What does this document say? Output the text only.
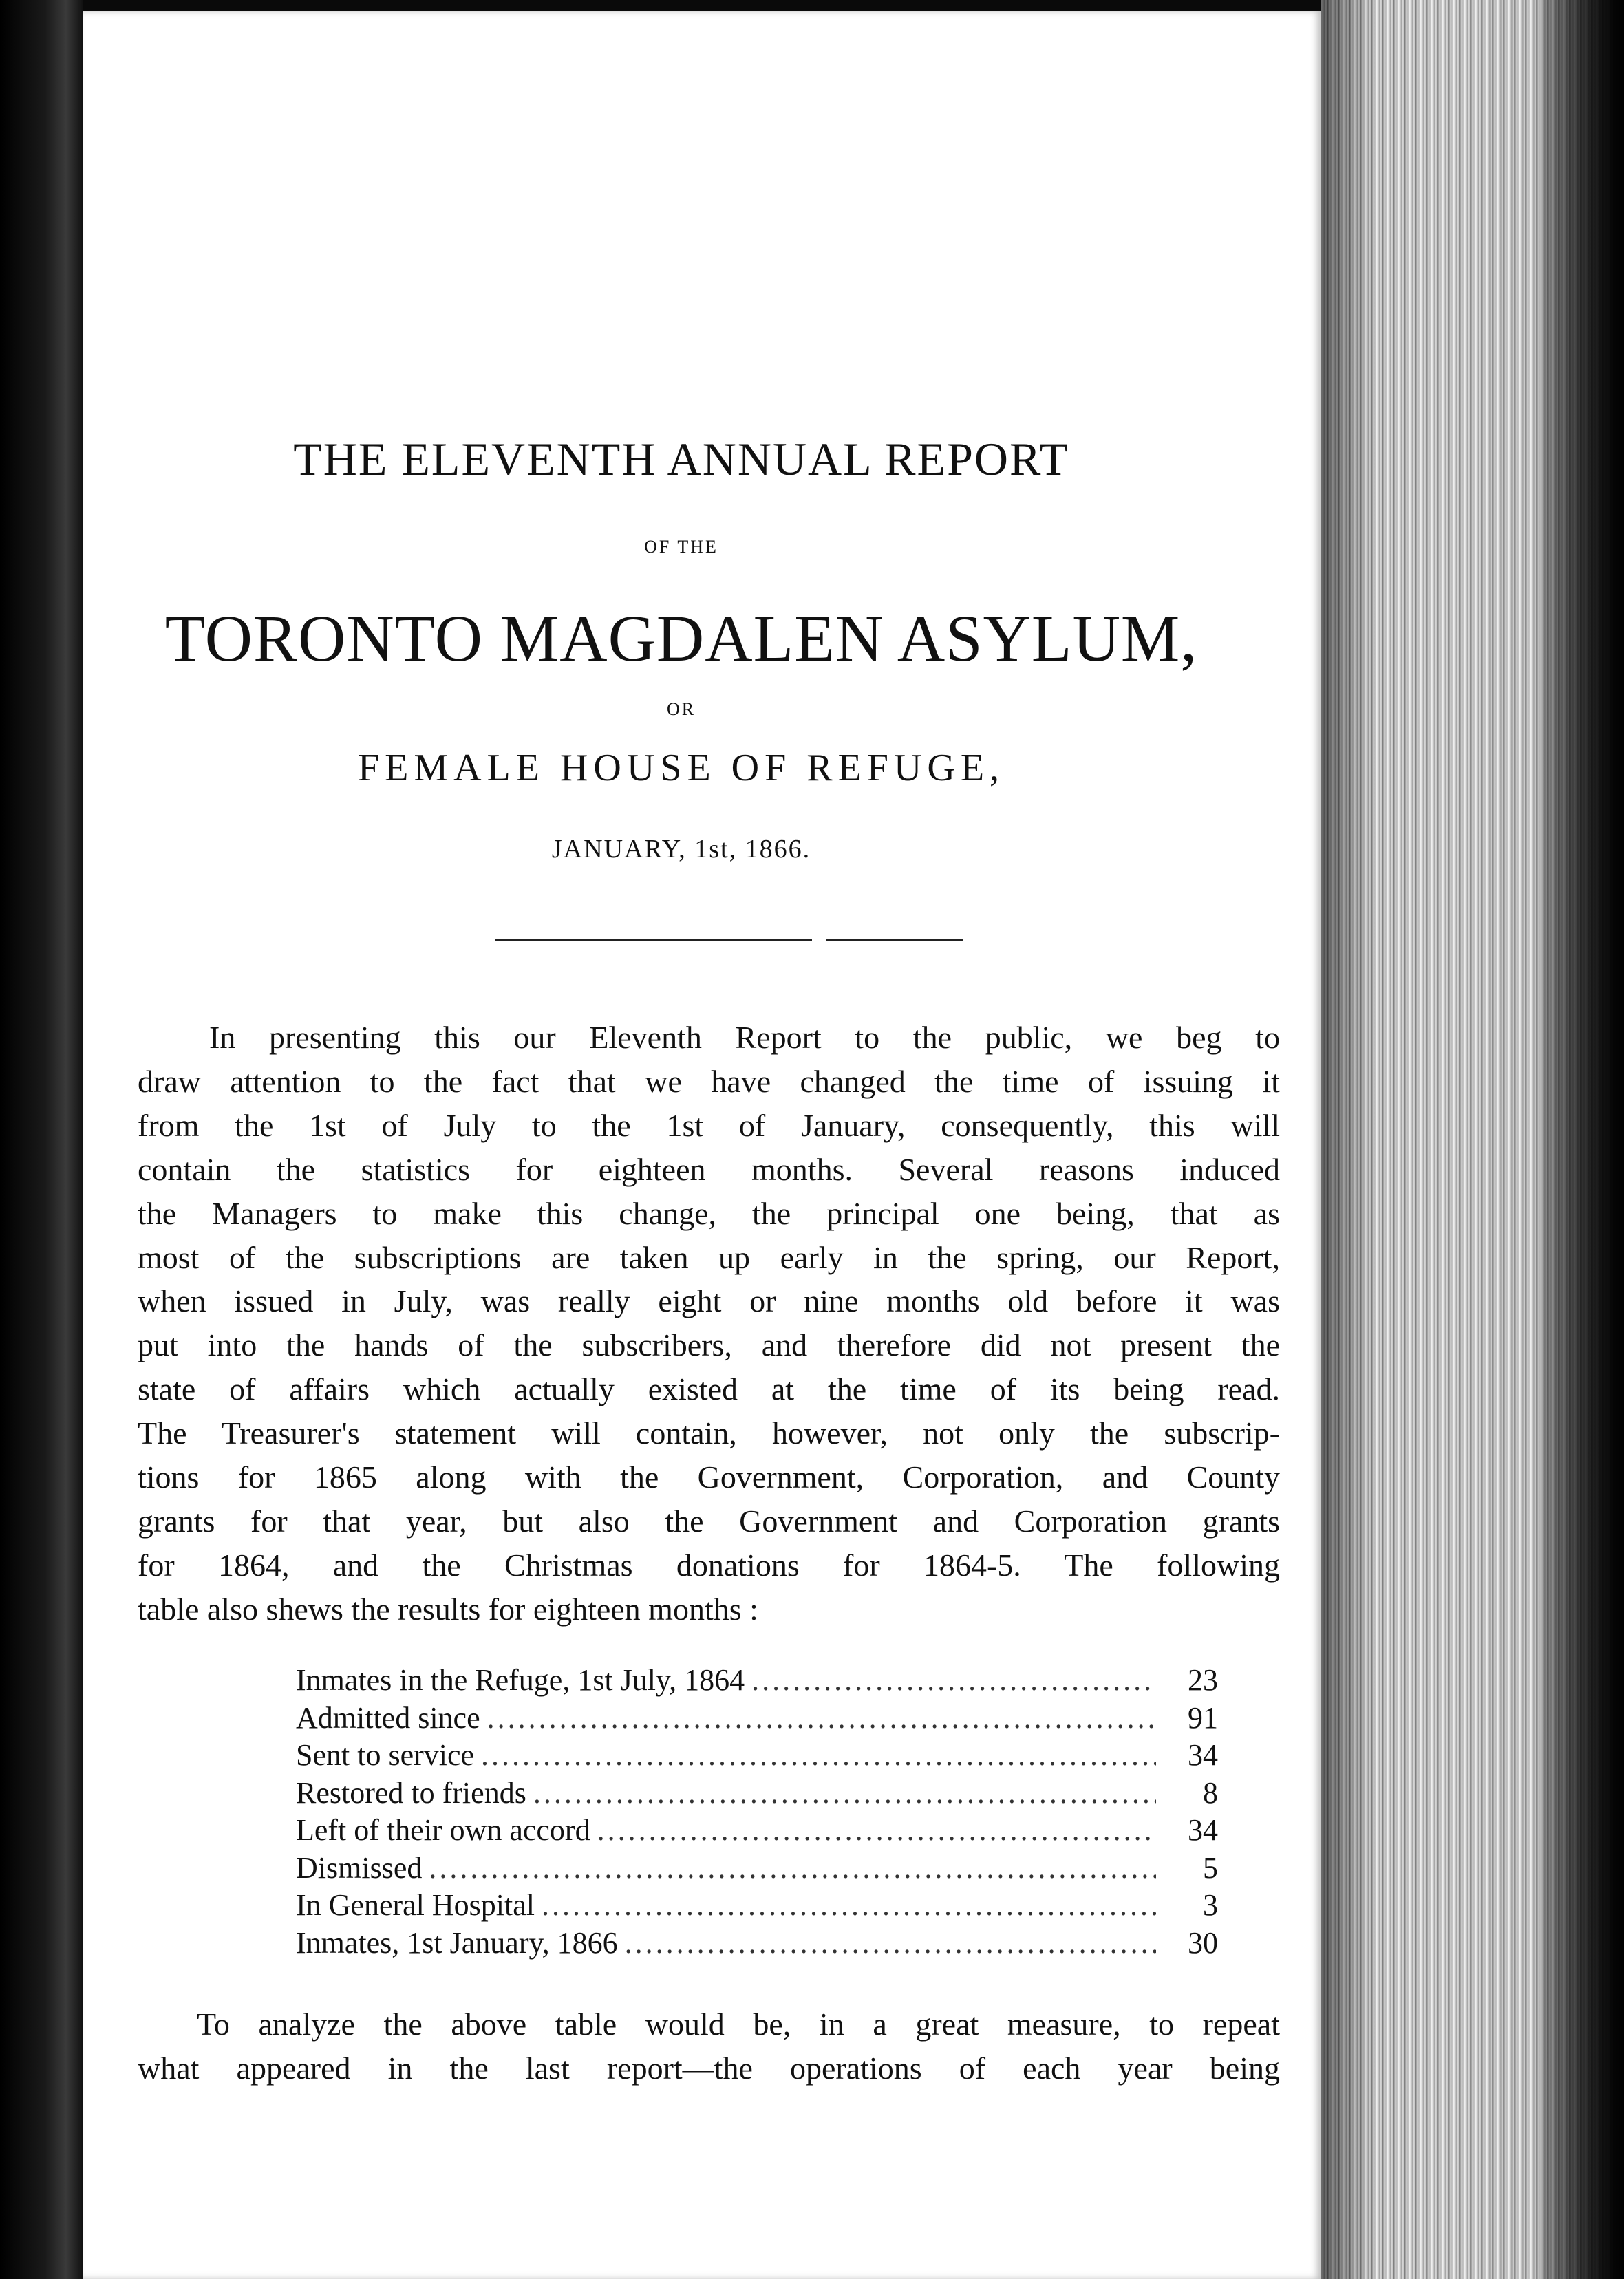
THE ELEVENTH ANNUAL REPORT
OF THE
TORONTO MAGDALEN ASYLUM,
OR
FEMALE HOUSE OF REFUGE,
JANUARY, 1st, 1866.
In presenting this our Eleventh Report to the public, we beg to
draw attention to the fact that we have changed the time of issuing it
from the 1st of July to the 1st of January, consequently, this will
contain the statistics for eighteen months. Several reasons induced
the Managers to make this change, the principal one being, that as
most of the subscriptions are taken up early in the spring, our Report,
when issued in July, was really eight or nine months old before it was
put into the hands of the subscribers, and therefore did not present the
state of affairs which actually existed at the time of its being read.
The Treasurer's statement will contain, however, not only the subscrip-
tions for 1865 along with the Government, Corporation, and County
grants for that year, but also the Government and Corporation grants
for 1864, and the Christmas donations for 1864-5. The following
table also shews the results for eighteen months :
Inmates in the Refuge, 1st July, 1864 .....	23
Admitted since .....	91
Sent to service .....	34
Restored to friends .....	8
Left of their own accord .....	34
Dismissed .....	5
In General Hospital .....	3
Inmates, 1st January, 1866 .....	30
To analyze the above table would be, in a great measure, to repeat
what appeared in the last report—the operations of each year being
